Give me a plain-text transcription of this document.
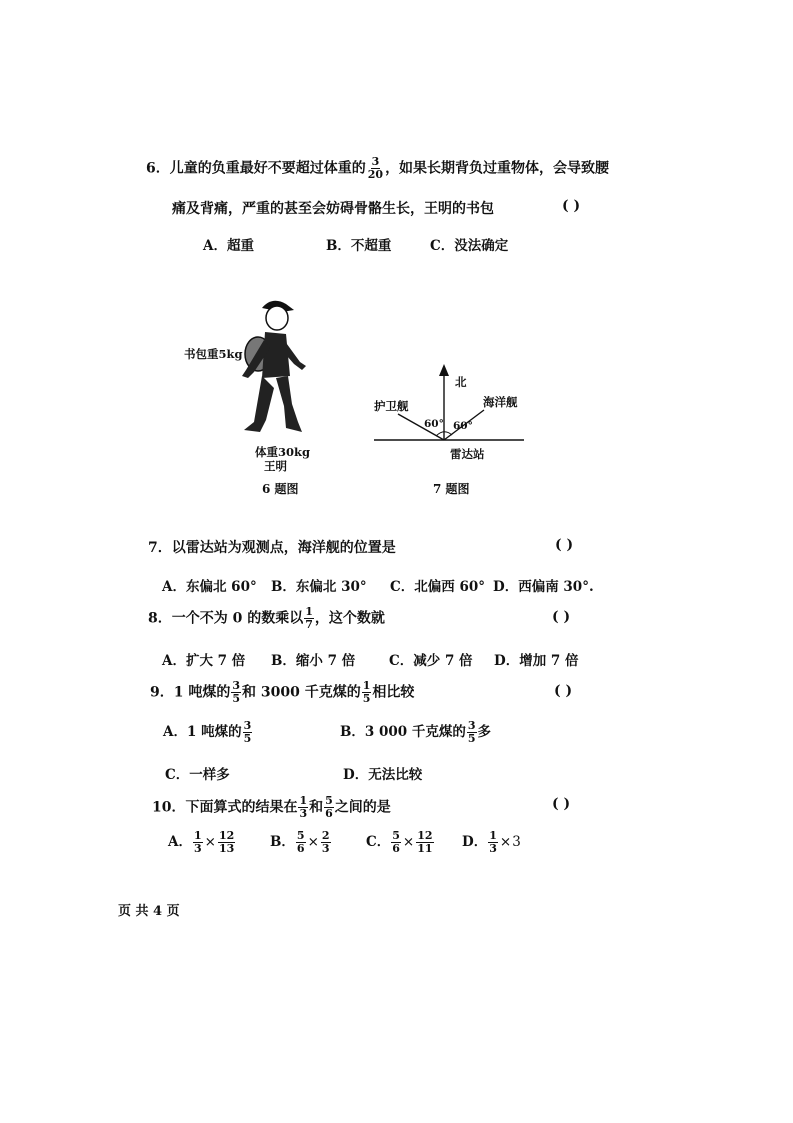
6．儿童的负重最好不要超过体重的 $\frac{3}{20}$ ，如果长期背负过重物体，会导致腰
痛及背痛，严重的甚至会妨碍骨骼生长，王明的书包	( )
A．超重	B．不超重	C．没法确定
书包重5kg
体重30kg
王明
6 题图
北
护卫舰	海洋舰
60° 60°
雷达站
7 题图
7．以雷达站为观测点，海洋舰的位置是	( )
A．东偏北 60° B．东偏北 30° C．北偏西 60° D．西偏南 30°.
8．一个不为 0 的数乘以 $\frac{1}{7}$ ，这个数就	( )
A．扩大 7 倍 B．缩小 7 倍	C．减少 7 倍 D．增加 7 倍
9．1 吨煤的 $\frac{3}{5}$ 和 3000 千克煤的 $\frac{1}{5}$ 相比较	( )
A．1 吨煤的 $\frac{3}{5}$	B．3 000 千克煤的 $\frac{3}{5}$ 多
C．一样多	D．无法比较
10．下面算式的结果在 $\frac{1}{3}$ 和 $\frac{5}{6}$ 之间的是	( )
A． $\frac{1}{3} \times \frac{12}{13}$	B． $\frac{5}{6} \times \frac{2}{3}$	C． $\frac{5}{6} \times \frac{12}{11}$ D． $\frac{1}{3} \times 3$
页 共 4 页
